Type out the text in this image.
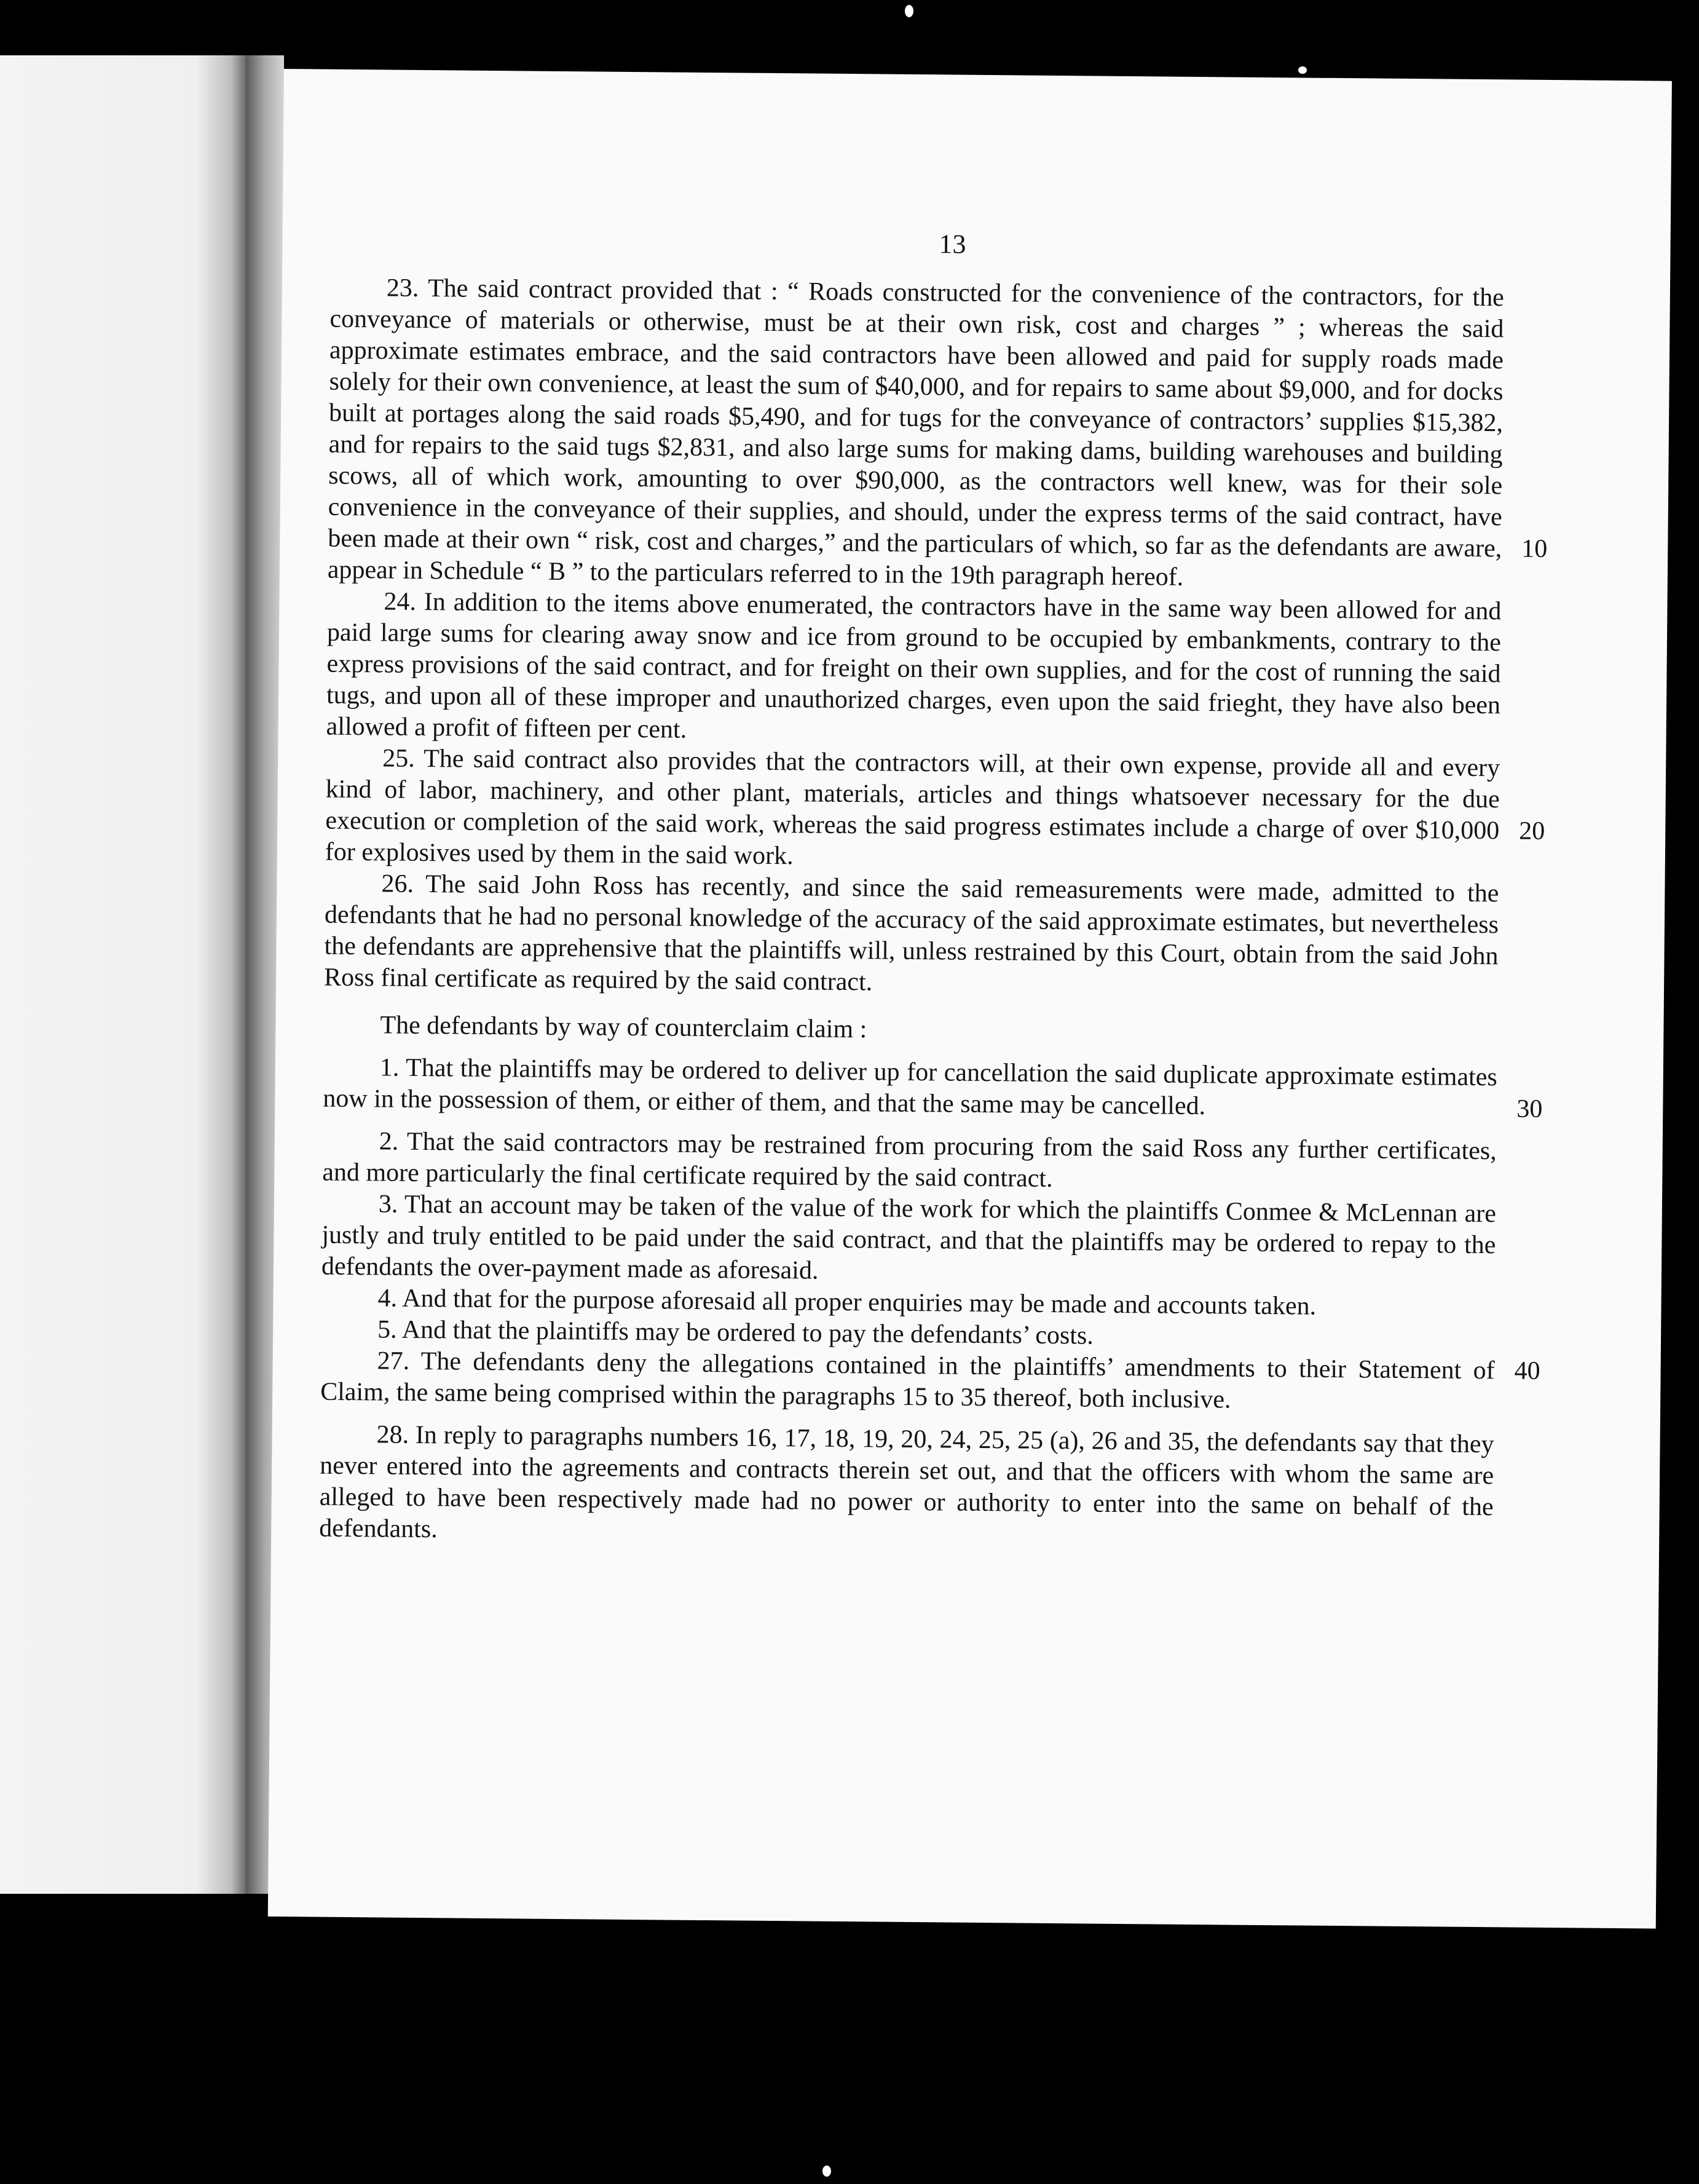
13

23. The said contract provided that : “ Roads constructed for the convenience of the contractors, for the conveyance of materials or otherwise, must be at their own risk, cost and charges ” ; whereas the said approximate estimates embrace, and the said contractors have been allowed and paid for supply roads made solely for their own convenience, at least the sum of $40,000, and for repairs to same about $9,000, and for docks built at portages along the said roads $5,490, and for tugs for the conveyance of contractors’ supplies $15,382, and for repairs to the said tugs $2,831, and also large sums for making dams, building warehouses and building scows, all of which work, amounting to over $90,000, as the contractors well knew, was for their sole convenience in the conveyance of their supplies, and should, under the express terms of the said contract, have been made at their own “ risk, cost and charges,” and the particulars of which, so far as the defendants are aware, appear in Schedule “ B ” to the particulars referred to in the 19th paragraph hereof.
10

24. In addition to the items above enumerated, the contractors have in the same way been allowed for and paid large sums for clearing away snow and ice from ground to be occupied by embankments, contrary to the express provisions of the said contract, and for freight on their own supplies, and for the cost of running the said tugs, and upon all of these improper and unauthorized charges, even upon the said frieght, they have also been allowed a profit of fifteen per cent.

25. The said contract also provides that the contractors will, at their own expense, provide all and every kind of labor, machinery, and other plant, materials, articles and things whatsoever necessary for the due execution or completion of the said work, whereas the said progress estimates include a charge of over $10,000 for explosives used by them in the said work.
20

26. The said John Ross has recently, and since the said remeasurements were made, admitted to the defendants that he had no personal knowledge of the accuracy of the said approximate estimates, but nevertheless the defendants are apprehensive that the plaintiffs will, unless restrained by this Court, obtain from the said John Ross final certificate as required by the said contract.

The defendants by way of counterclaim claim :

1. That the plaintiffs may be ordered to deliver up for cancellation the said duplicate approximate estimates now in the possession of them, or either of them, and that the same may be cancelled.	30

2. That the said contractors may be restrained from procuring from the said Ross any further certificates, and more particularly the final certificate required by the said contract.

3. That an account may be taken of the value of the work for which the plaintiffs Conmee & McLennan are justly and truly entitled to be paid under the said contract, and that the plaintiffs may be ordered to repay to the defendants the over-payment made as aforesaid.

4. And that for the purpose aforesaid all proper enquiries may be made and accounts taken.

5. And that the plaintiffs may be ordered to pay the defendants’ costs.

27. The defendants deny the allegations contained in the plaintiffs’ amendments to their Statement of Claim, the same being comprised within the paragraphs 15 to 35 thereof, both inclusive.
40

28. In reply to paragraphs numbers 16, 17, 18, 19, 20, 24, 25, 25 (a), 26 and 35, the defendants say that they never entered into the agreements and contracts therein set out, and that the officers with whom the same are alleged to have been respectively made had no power or authority to enter into the same on behalf of the defendants.
